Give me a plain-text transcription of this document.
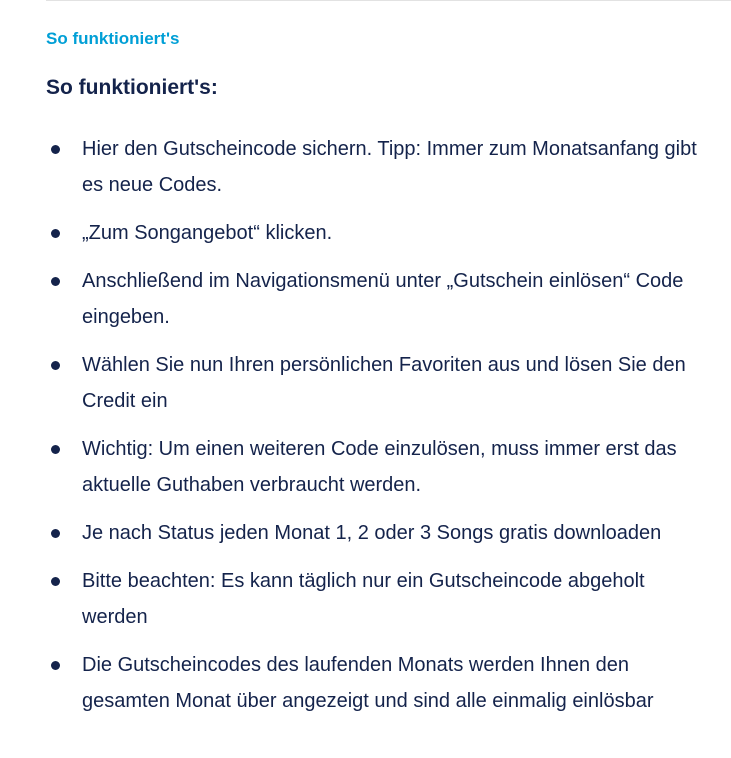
So funktioniert's
So funktioniert's:
Hier den Gutscheincode sichern. Tipp: Immer zum Monatsanfang gibt es neue Codes.
„Zum Songangebot“ klicken.
Anschließend im Navigationsmenü unter „Gutschein einlösen“ Code eingeben.
Wählen Sie nun Ihren persönlichen Favoriten aus und lösen Sie den Credit ein
Wichtig: Um einen weiteren Code einzulösen, muss immer erst das aktuelle Guthaben verbraucht werden.
Je nach Status jeden Monat 1, 2 oder 3 Songs gratis downloaden
Bitte beachten: Es kann täglich nur ein Gutscheincode abgeholt werden
Die Gutscheincodes des laufenden Monats werden Ihnen den gesamten Monat über angezeigt und sind alle einmalig einlösbar
